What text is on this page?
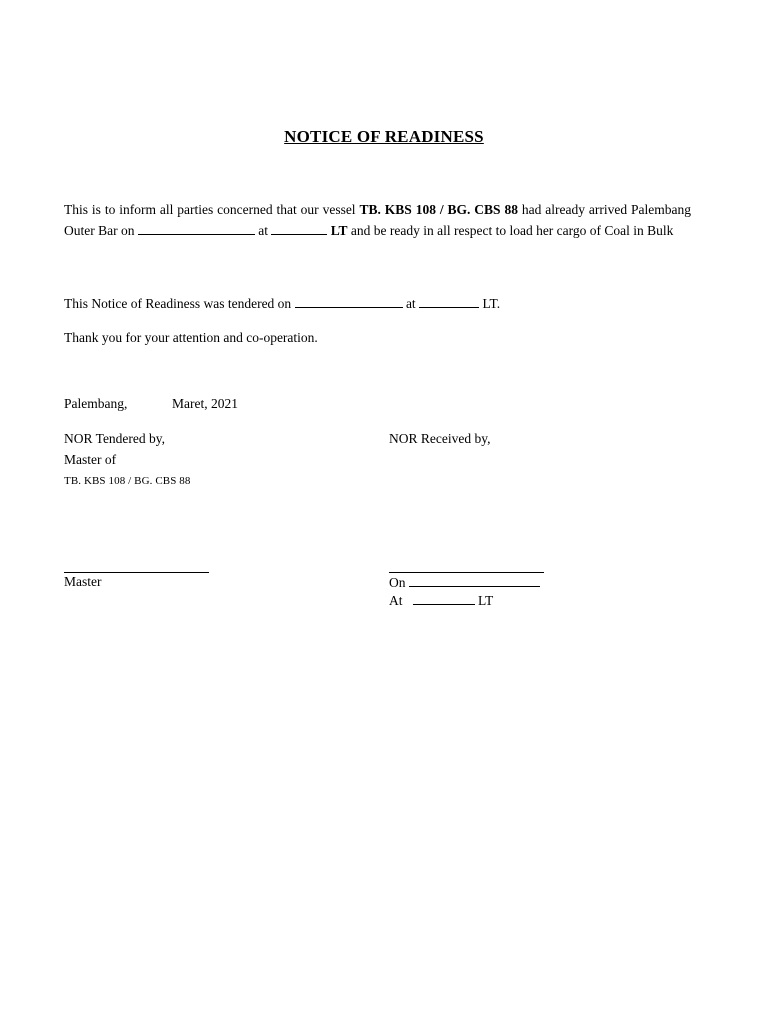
NOTICE OF READINESS

This is to inform all parties concerned that our vessel TB. KBS 108 / BG. CBS 88 had already arrived Palembang Outer Bar on	at	LT and be ready in all respect to load her cargo of Coal in Bulk

This Notice of Readiness was tendered on	at	LT.

Thank you for your attention and co-operation.

Palembang,	Maret, 2021

NOR Tendered by,

Master of

TB. KBS 108 / BG. CBS 88

Master

NOR Received by,

On

At	LT
